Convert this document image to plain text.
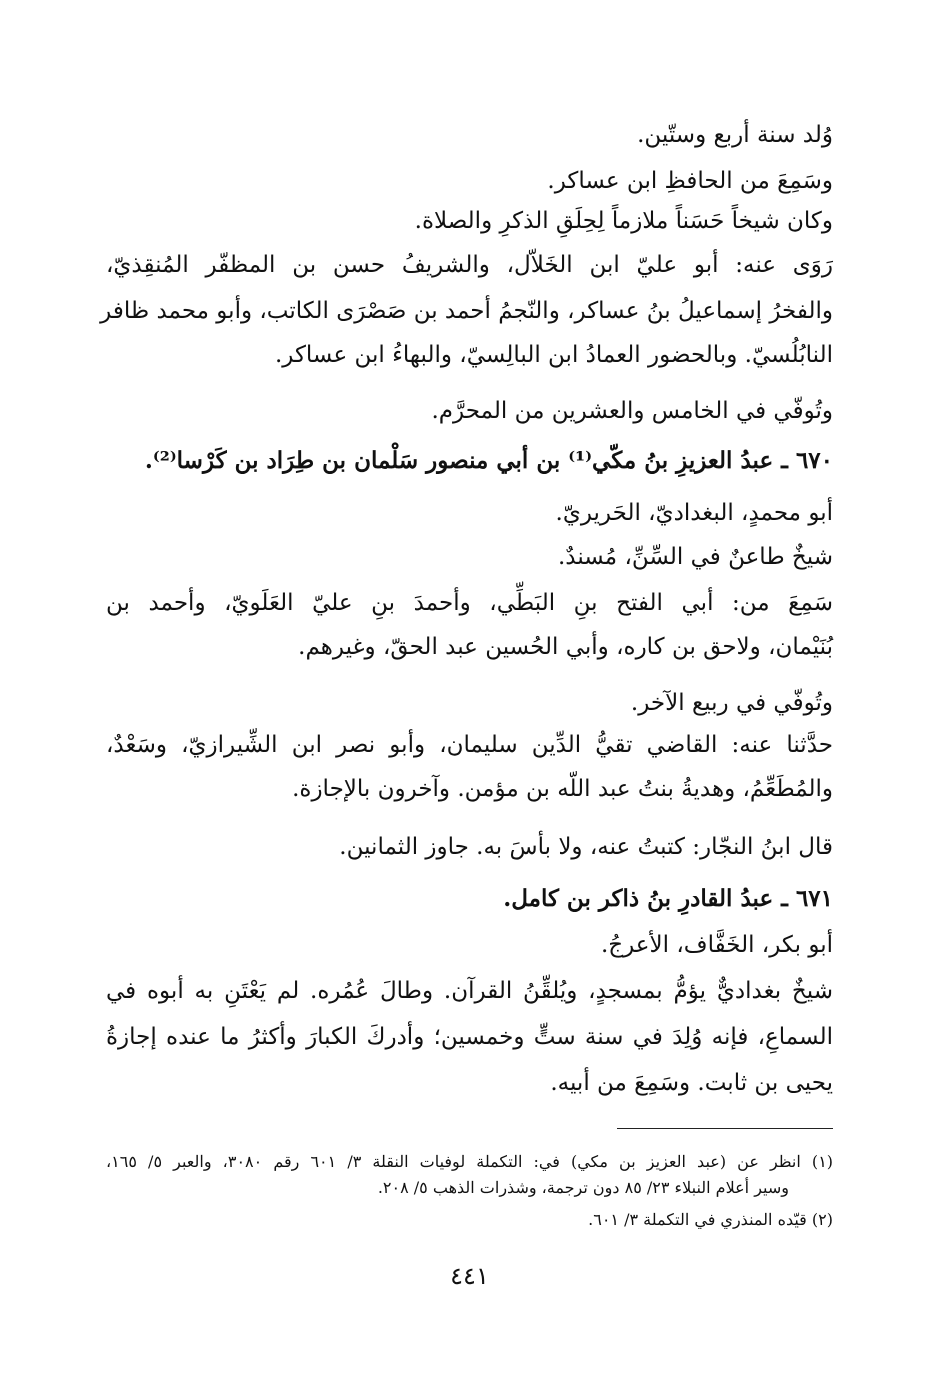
وُلد سنة أربع وستّين.
وسَمِعَ من الحافظِ ابن عساكر.
وكان شيخاً حَسَناً ملازماً لِحِلَقِ الذكرِ والصلاة.
رَوَى عنه: أبو عليّ ابن الخَلاّل، والشريفُ حسن بن المظفّر المُنقِذيّ،
والفخرُ إسماعيلُ بنُ عساكر، والنّجمُ أحمد بن صَصْرَى الكاتب، وأبو محمد ظافر
النابُلُسيّ. وبالحضور العمادُ ابن البالِسيّ، والبهاءُ ابن عساكر.
وتُوفّي في الخامس والعشرين من المحرَّم.
٦٧٠ ـ عبدُ العزيزِ بنُ مكّي⁽¹⁾ بن أبي منصور سَلْمان بن طِرَاد بن كَرْسا⁽²⁾.
أبو محمدٍ، البغداديّ، الحَريريّ.
شيخٌ طاعنٌ في السِّنِّ، مُسندٌ.
سَمِعَ من: أبي الفتح بنِ البَطِّي، وأحمدَ بنِ عليّ العَلَويّ، وأحمد بن
بُنَيْمان، ولاحق بن كاره، وأبي الحُسين عبد الحقّ، وغيرهم.
وتُوفّي في ربيع الآخر.
حدَّثنا عنه: القاضي تقيُّ الدِّين سليمان، وأبو نصر ابن الشِّيرازيّ، وسَعْدٌ،
والمُطَعِّمُ، وهديةُ بنتُ عبد اللّه بن مؤمن. وآخرون بالإجازة.
قال ابنُ النجّار: كتبتُ عنه، ولا بأسَ به. جاوز الثمانين.
٦٧١ ـ عبدُ القادرِ بنُ ذاكر بن كامل.
أبو بكر، الخَفَّاف، الأعرجُ.
شيخٌ بغداديٌّ يؤمُّ بمسجدٍ، ويُلقِّنُ القرآن. وطالَ عُمُره. لم يَعْتَنِ به أبوه في
السماعِ، فإنه وُلِدَ في سنة ستٍّ وخمسين؛ وأدركَ الكبارَ وأكثرُ ما عنده إجازةُ
يحيى بن ثابت. وسَمِعَ من أبيه.
(١) انظر عن (عبد العزيز بن مكي) في: التكملة لوفيات النقلة ٣/ ٦٠١ رقم ٣٠٨٠، والعبر ٥/ ١٦٥،
وسير أعلام النبلاء ٢٣/ ٨٥ دون ترجمة، وشذرات الذهب ٥/ ٢٠٨.
(٢) قيّده المنذري في التكملة ٣/ ٦٠١.
٤٤١
